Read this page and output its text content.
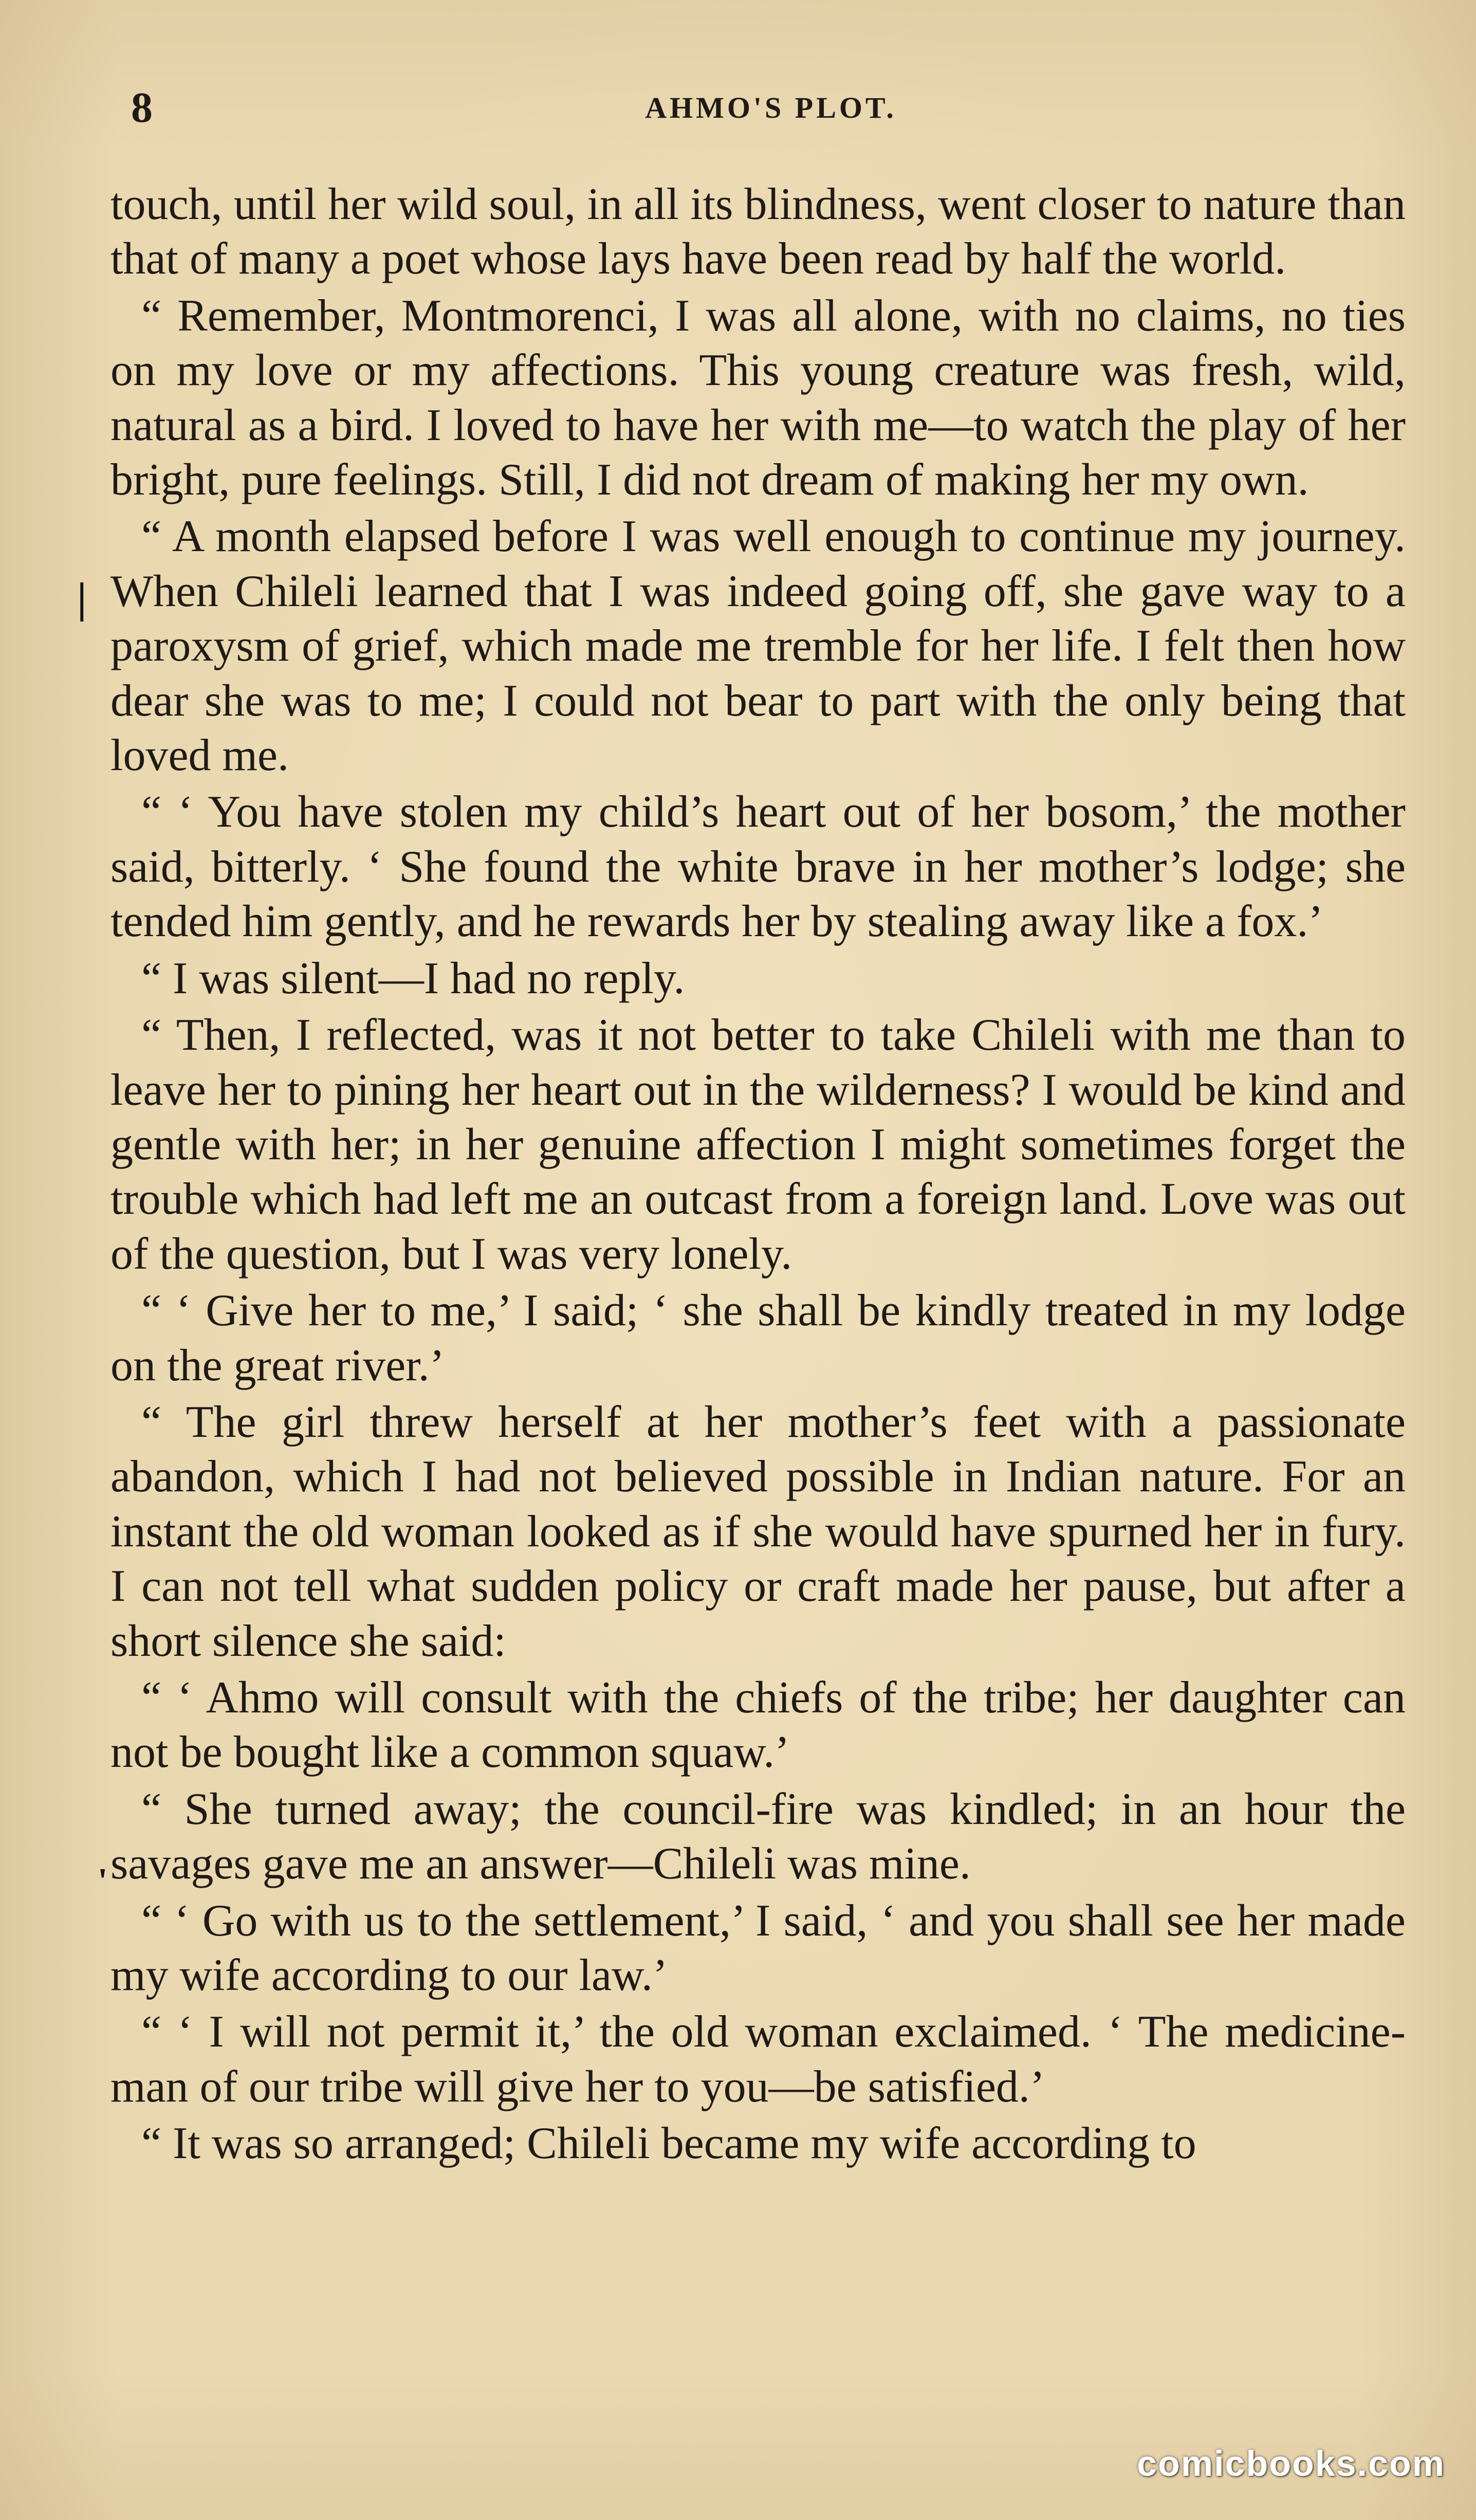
8	AHMO'S PLOT.

touch, until her wild soul, in all its blindness, went closer to nature than that of many a poet whose lays have been read by half the world.

“ Remember, Montmorenci, I was all alone, with no claims, no ties on my love or my affections. This young creature was fresh, wild, natural as a bird. I loved to have her with me—to watch the play of her bright, pure feelings. Still, I did not dream of making her my own.

“ A month elapsed before I was well enough to continue my journey. When Chileli learned that I was indeed going off, she gave way to a paroxysm of grief, which made me tremble for her life. I felt then how dear she was to me; I could not bear to part with the only being that loved me.

“ ‘ You have stolen my child’s heart out of her bosom,’ the mother said, bitterly. ‘ She found the white brave in her mother’s lodge; she tended him gently, and he rewards her by stealing away like a fox.’

“ I was silent—I had no reply.

“ Then, I reflected, was it not better to take Chileli with me than to leave her to pining her heart out in the wilderness? I would be kind and gentle with her; in her genuine affection I might sometimes forget the trouble which had left me an outcast from a foreign land. Love was out of the question, but I was very lonely.

“ ‘ Give her to me,’ I said; ‘ she shall be kindly treated in my lodge on the great river.’

“ The girl threw herself at her mother’s feet with a passionate abandon, which I had not believed possible in Indian nature. For an instant the old woman looked as if she would have spurned her in fury. I can not tell what sudden policy or craft made her pause, but after a short silence she said:

“ ‘ Ahmo will consult with the chiefs of the tribe; her daughter can not be bought like a common squaw.’

“ She turned away; the council-fire was kindled; in an hour the savages gave me an answer—Chileli was mine.

“ ‘ Go with us to the settlement,’ I said, ‘ and you shall see her made my wife according to our law.’

“ ‘ I will not permit it,’ the old woman exclaimed. ‘ The medicine-man of our tribe will give her to you—be satisfied.’

“ It was so arranged; Chileli became my wife according to

|
'
comicbooks.com
